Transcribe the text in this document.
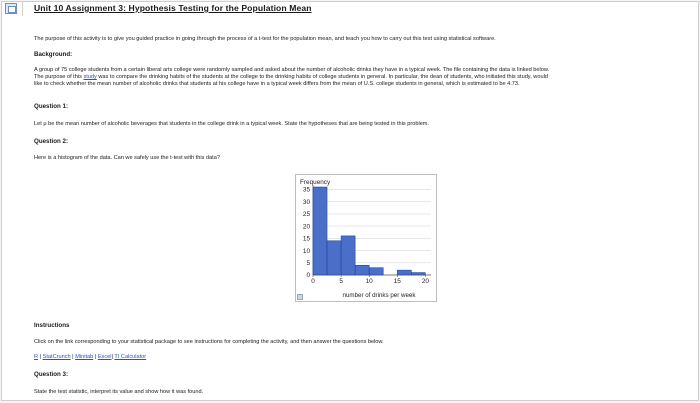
Unit 10 Assignment 3: Hypothesis Testing for the Population Mean
The purpose of this activity is to give you guided practice in going through the process of a t-test for the population mean, and teach you how to carry out this test using statistical software.
Background:
A group of 75 college students from a certain liberal arts college were randomly sampled and asked about the number of alcoholic drinks they have in a typical week. The file containing the data is linked below.
The purpose of this study was to compare the drinking habits of the students at the college to the drinking habits of college students in general. In particular, the dean of students, who initiated this study, would
like to check whether the mean number of alcoholic drinks that students at his college have in a typical week differs from the mean of U.S. college students in general, which is estimated to be 4.73.
Question 1:
Let μ be the mean number of alcoholic beverages that students in the college drink in a typical week. State the hypotheses that are being tested in this problem.
Question 2:
Here is a histogram of the data. Can we safely use the t-test with this data?
Frequency
number of drinks per week
0
5
10
15
20
25
30
35
0	5	10	15	20
Instructions
Click on the link corresponding to your statistical package to see instructions for completing the activity, and then answer the questions below.
R | StatCrunch | Minitab | Excel| TI Calculator
Question 3:
State the test statistic, interpret its value and show how it was found.
